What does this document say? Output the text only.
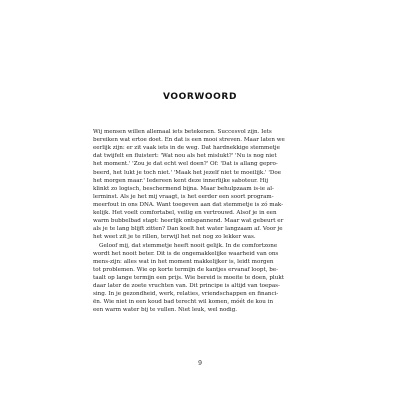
VOORWOORD
Wij mensen willen allemaal iets betekenen. Succesvol zijn. Iets
bereiken wat ertoe doet. En dat is een mooi streven. Maar laten we
eerlijk zijn: er zit vaak iets in de weg. Dat hardnekkige stemmetje
dat twijfelt en fluistert: 'Wat nou als het mislukt?' 'Nu is nog niet
het moment.' 'Zou je dat echt wel doen?' Of: 'Dat is allang gepro-
beerd, het lukt je toch niet.' 'Maak het jezelf niet te moeilijk.' 'Doe
het morgen maar.' Iedereen kent deze innerlijke saboteur. Hij
klinkt zo logisch, beschermend bijna. Maar behulpzaam is-ie al-
lerminst. Als je het mij vraagt, is het eerder een soort program-
meerfout in ons DNA. Want toegeven aan dat stemmetje is zó mak-
kelijk. Het voelt comfortabel, veilig en vertrouwd. Alsof je in een
warm bubbelbad stapt: heerlijk ontspannend. Maar wat gebeurt er
als je te lang blijft zitten? Dan koelt het water langzaam af. Voor je
het weet zit je te rillen, terwijl het net nog zo lekker was.
Geloof mij, dat stemmetje heeft nooit gelijk. In de comfortzone
wordt het nooit beter. Dit is de ongemakkelijke waarheid van ons
mens-zijn: alles wat in het moment makkelijker is, leidt morgen
tot problemen. Wie op korte termijn de kantjes ervanaf loopt, be-
taalt op lange termijn een prijs. Wie bereid is moeite te doen, plukt
daar later de zoete vruchten van. Dit principe is altijd van toepas-
sing. In je gezondheid, werk, relaties, vriendschappen en financi-
ën. Wie niet in een koud bad terecht wil komen, móét de kou in
een warm water bij te vullen. Niet leuk, wel nodig.
9
